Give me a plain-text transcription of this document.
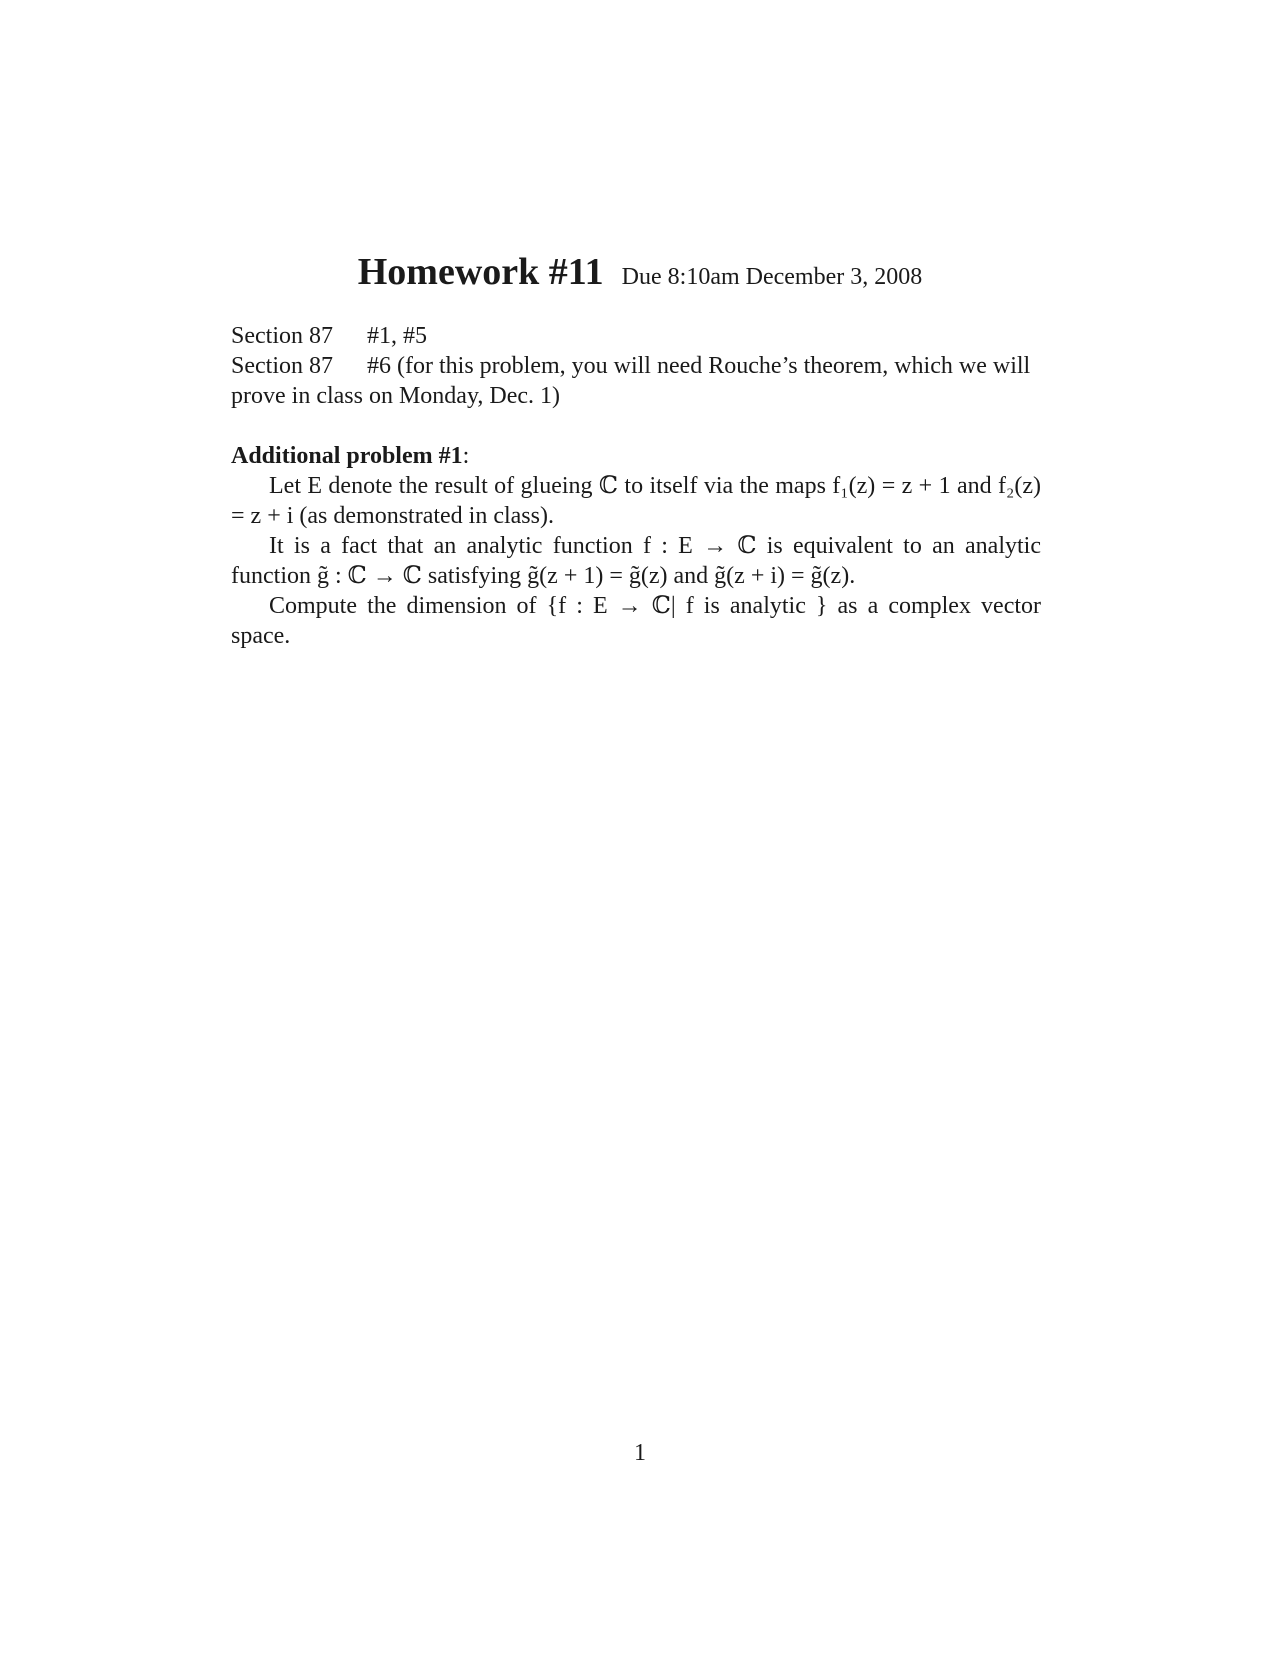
Homework #11 Due 8:10am December 3, 2008
Section 87 #1, #5
Section 87 #6 (for this problem, you will need Rouche’s theorem, which we will prove in class on Monday, Dec. 1)
Additional problem #1:

Let E denote the result of glueing ℂ to itself via the maps f₁(z) = z + 1 and f₂(z) = z + i (as demonstrated in class).

It is a fact that an analytic function f : E → ℂ is equivalent to an analytic function g̃ : ℂ → ℂ satisfying g̃(z + 1) = g̃(z) and g̃(z + i) = g̃(z).

Compute the dimension of {f : E → ℂ| f is analytic } as a complex vector space.

1
